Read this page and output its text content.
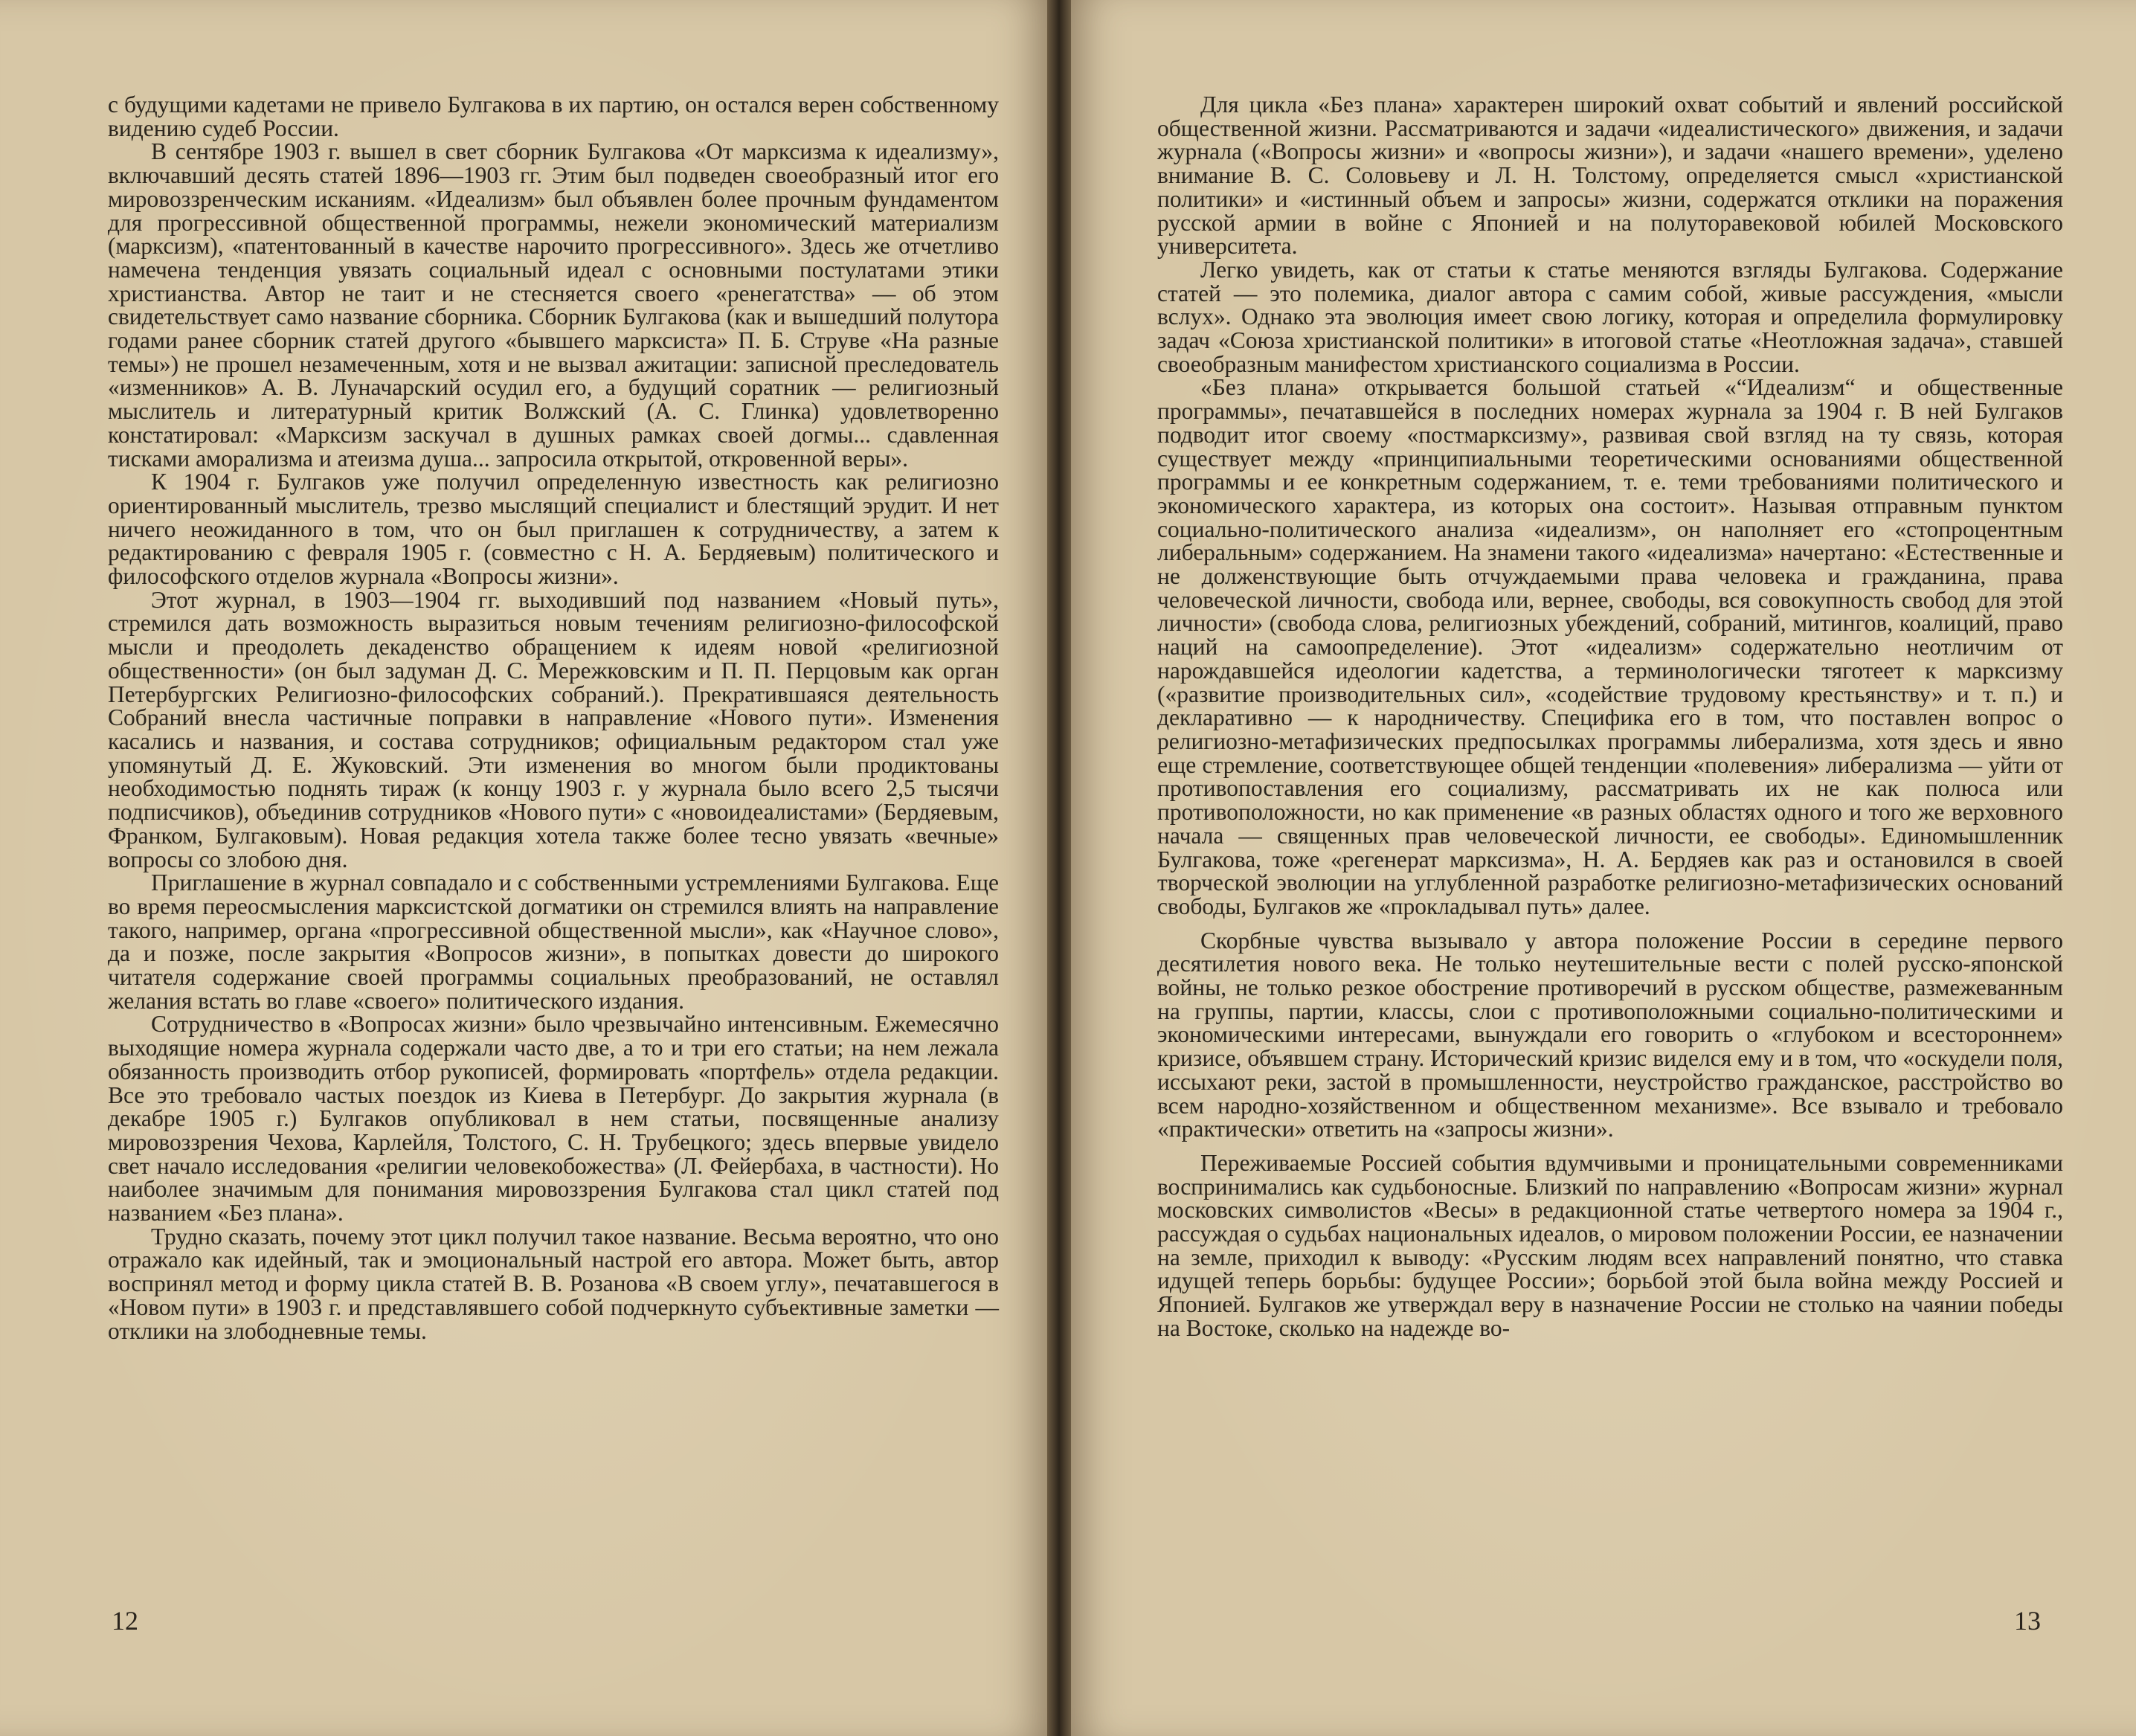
с будущими кадетами не привело Булгакова в их партию, он остался верен собственному видению судеб России.

В сентябре 1903 г. вышел в свет сборник Булгакова «От марксизма к идеализму», включавший десять статей 1896—1903 гг. Этим был подведен своеобразный итог его мировоззренческим исканиям. «Идеализм» был объявлен более прочным фундаментом для прогрессивной общественной программы, нежели экономический материализм (марксизм), «патентованный в качестве нарочито прогрессивного». Здесь же отчетливо намечена тенденция увязать социальный идеал с основными постулатами этики христианства. Автор не таит и не стесняется своего «ренегатства» — об этом свидетельствует само название сборника. Сборник Булгакова (как и вышедший полутора годами ранее сборник статей другого «бывшего марксиста» П. Б. Струве «На разные темы») не прошел незамеченным, хотя и не вызвал ажитации: записной преследователь «изменников» А. В. Луначарский осудил его, а будущий соратник — религиозный мыслитель и литературный критик Волжский (А. С. Глинка) удовлетворенно констатировал: «Марксизм заскучал в душных рамках своей догмы... сдавленная тисками аморализма и атеизма душа... запросила открытой, откровенной веры».

К 1904 г. Булгаков уже получил определенную известность как религиозно ориентированный мыслитель, трезво мыслящий специалист и блестящий эрудит. И нет ничего неожиданного в том, что он был приглашен к сотрудничеству, а затем к редактированию с февраля 1905 г. (совместно с Н. А. Бердяевым) политического и философского отделов журнала «Вопросы жизни».

Этот журнал, в 1903—1904 гг. выходивший под названием «Новый путь», стремился дать возможность выразиться новым течениям религиозно-философской мысли и преодолеть декаденство обращением к идеям новой «религиозной общественности» (он был задуман Д. С. Мережковским и П. П. Перцовым как орган Петербургских Религиозно-философских собраний.). Прекратившаяся деятельность Собраний внесла частичные поправки в направление «Нового пути». Изменения касались и названия, и состава сотрудников; официальным редактором стал уже упомянутый Д. Е. Жуковский. Эти изменения во многом были продиктованы необходимостью поднять тираж (к концу 1903 г. у журнала было всего 2,5 тысячи подписчиков), объединив сотрудников «Нового пути» с «новоидеалистами» (Бердяевым, Франком, Булгаковым). Новая редакция хотела также более тесно увязать «вечные» вопросы со злобою дня.

Приглашение в журнал совпадало и с собственными устремлениями Булгакова. Еще во время переосмысления марксистской догматики он стремился влиять на направление такого, например, органа «прогрессивной общественной мысли», как «Научное слово», да и позже, после закрытия «Вопросов жизни», в попытках довести до широкого читателя содержание своей программы социальных преобразований, не оставлял желания встать во главе «своего» политического издания.

Сотрудничество в «Вопросах жизни» было чрезвычайно интенсивным. Ежемесячно выходящие номера журнала содержали часто две, а то и три его статьи; на нем лежала обязанность производить отбор рукописей, формировать «портфель» отдела редакции. Все это требовало частых поездок из Киева в Петербург. До закрытия журнала (в декабре 1905 г.) Булгаков опубликовал в нем статьи, посвященные анализу мировоззрения Чехова, Карлейля, Толстого, С. Н. Трубецкого; здесь впервые увидело свет начало исследования «религии человекобожества» (Л. Фейербаха, в частности). Но наиболее значимым для понимания мировоззрения Булгакова стал цикл статей под названием «Без плана».

Трудно сказать, почему этот цикл получил такое название. Весьма вероятно, что оно отражало как идейный, так и эмоциональный настрой его автора. Может быть, автор воспринял метод и форму цикла статей В. В. Розанова «В своем углу», печатавшегося в «Новом пути» в 1903 г. и представлявшего собой подчеркнуто субъективные заметки — отклики на злободневные темы.

12

Для цикла «Без плана» характерен широкий охват событий и явлений российской общественной жизни. Рассматриваются и задачи «идеалистического» движения, и задачи журнала («Вопросы жизни» и «вопросы жизни»), и задачи «нашего времени», уделено внимание В. С. Соловьеву и Л. Н. Толстому, определяется смысл «христианской политики» и «истинный объем и запросы» жизни, содержатся отклики на поражения русской армии в войне с Японией и на полуторавековой юбилей Московского университета.

Легко увидеть, как от статьи к статье меняются взгляды Булгакова. Содержание статей — это полемика, диалог автора с самим собой, живые рассуждения, «мысли вслух». Однако эта эволюция имеет свою логику, которая и определила формулировку задач «Союза христианской политики» в итоговой статье «Неотложная задача», ставшей своеобразным манифестом христианского социализма в России.

«Без плана» открывается большой статьей «“Идеализм“ и общественные программы», печатавшейся в последних номерах журнала за 1904 г. В ней Булгаков подводит итог своему «постмарксизму», развивая свой взгляд на ту связь, которая существует между «принципиальными теоретическими основаниями общественной программы и ее конкретным содержанием, т. е. теми требованиями политического и экономического характера, из которых она состоит». Называя отправным пунктом социально-политического анализа «идеализм», он наполняет его «стопроцентным либеральным» содержанием. На знамени такого «идеализма» начертано: «Естественные и не долженствующие быть отчуждаемыми права человека и гражданина, права человеческой личности, свобода или, вернее, свободы, вся совокупность свобод для этой личности» (свобода слова, религиозных убеждений, собраний, митингов, коалиций, право наций на самоопределение). Этот «идеализм» содержательно неотличим от нарождавшейся идеологии кадетства, а терминологически тяготеет к марксизму («развитие производительных сил», «содействие трудовому крестьянству» и т. п.) и декларативно — к народничеству. Специфика его в том, что поставлен вопрос о религиозно-метафизических предпосылках программы либерализма, хотя здесь и явно еще стремление, соответствующее общей тенденции «полевения» либерализма — уйти от противопоставления его социализму, рассматривать их не как полюса или противоположности, но как применение «в разных областях одного и того же верховного начала — священных прав человеческой личности, ее свободы». Единомышленник Булгакова, тоже «регенерат марксизма», Н. А. Бердяев как раз и остановился в своей творческой эволюции на углубленной разработке религиозно-метафизических оснований свободы, Булгаков же «прокладывал путь» далее.

Скорбные чувства вызывало у автора положение России в середине первого десятилетия нового века. Не только неутешительные вести с полей русско-японской войны, не только резкое обострение противоречий в русском обществе, размежеванным на группы, партии, классы, слои с противоположными социально-политическими и экономическими интересами, вынуждали его говорить о «глубоком и всестороннем» кризисе, объявшем страну. Исторический кризис виделся ему и в том, что «оскудели поля, иссыхают реки, застой в промышленности, неустройство гражданское, расстройство во всем народно-хозяйственном и общественном механизме». Все взывало и требовало «практически» ответить на «запросы жизни».

Переживаемые Россией события вдумчивыми и проницательными современниками воспринимались как судьбоносные. Близкий по направлению «Вопросам жизни» журнал московских символистов «Весы» в редакционной статье четвертого номера за 1904 г., рассуждая о судьбах национальных идеалов, о мировом положении России, ее назначении на земле, приходил к выводу: «Русским людям всех направлений понятно, что ставка идущей теперь борьбы: будущее России»; борьбой этой была война между Россией и Японией. Булгаков же утверждал веру в назначение России не столько на чаянии победы на Востоке, сколько на надежде во-

13
